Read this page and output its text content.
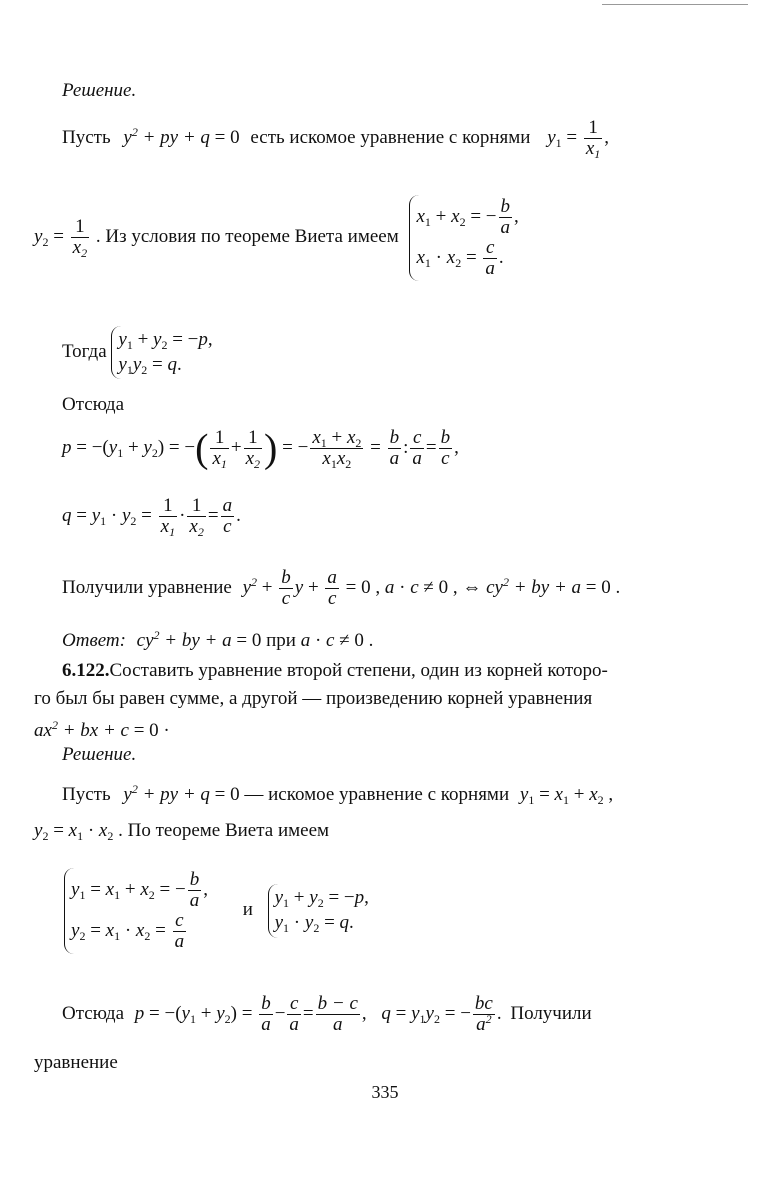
Решение.
Пусть $y^2$ + py + q = 0 есть искомое уравнение с корнями $y_1 = \frac{1}{x_1}$ ,
$y_2 = \frac{1}{x_2}$ . Из условия по теореме Виета имеем
$x_1 + x_2$ = − $\frac{b}{a}$ ,
$x_1 \cdot x_2 = \frac{c}{a}$ .
Тогда
$y_1 + y_2 = -p$,
$y_1y_2 = q$.
Отсюда
$p = -(y_1 + y_2)$ = −( $\frac{1}{x_1} + \frac{1}{x_2}$ ) = − $\frac{x_1 + x_2}{x_1x_2} = \frac{b}{a}$ : $\frac{c}{a} = \frac{b}{c}$ ,
$q = y_1 \cdot y_2 = \frac{1}{x_1} \cdot \frac{1}{x_2} = \frac{a}{c}$ .
Получили уравнение $y^2 + \frac{b}{c}$ $y + \frac{a}{c} = 0$ , a · c ≠ 0 , ⇔ $cy^2$ + by + a = 0 .
Ответ: $cy^2$ + by + a = 0 при a · c ≠ 0 .
6.122.Составить уравнение второй степени, один из корней которо-
го был бы равен сумме, а другой — произведению корней уравнения
$ax^2$ + bx + c = 0 ·
Решение.
Пусть $y^2$ + py + q = 0 — искомое уравнение с корнями $y_1 = x_1 + x_2$ ,
$y_2 = x_1 \cdot x_2$ . По теореме Виета имеем
$y_1 = x_1 + x_2$ = − $\frac{b}{a}$ ,
$y_2 = x_1 \cdot x_2 = \frac{c}{a}$
и
$y_1 + y_2 = -p$,
$y_1 \cdot y_2 = q$.
Отсюда $p = -(y_1 + y_2) = \frac{b}{a} - \frac{c}{a} = \frac{b - c}{a}$ , $q = y_1y_2$ = − $\frac{bc}{a^2}$ . Получили
уравнение
335
